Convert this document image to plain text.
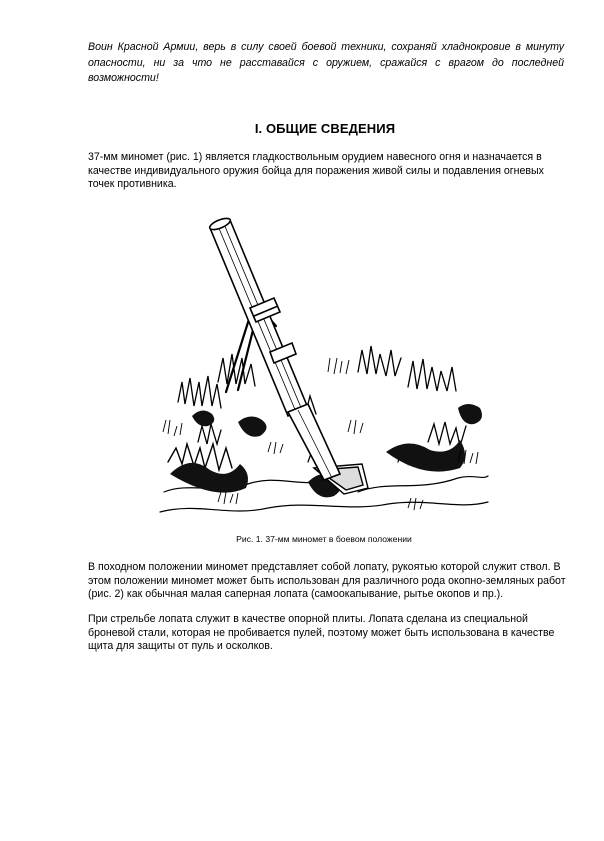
Воин Красной Армии, верь в силу своей боевой техники, сохраняй хладнокровие в минуту опасности, ни за что не расставайся с оружием, сражайся с врагом до последней возможности!

I. ОБЩИЕ СВЕДЕНИЯ

37-мм миномет (рис. 1) является гладкоствольным орудием навесного огня и назначается в качестве индивидуального оружия бойца для поражения живой силы и подавления огневых точек противника.

Рис. 1. 37-мм миномет в боевом положении

В походном положении миномет представляет собой лопату, рукоятью которой служит ствол. В этом положении миномет может быть использован для различного рода окопно-земляных работ (рис. 2) как обычная малая саперная лопата (самоокапывание, рытье окопов и пр.).

При стрельбе лопата служит в качестве опорной плиты. Лопата сделана из специальной броневой стали, которая не пробивается пулей, поэтому может быть использована в качестве щита для защиты от пуль и осколков.
